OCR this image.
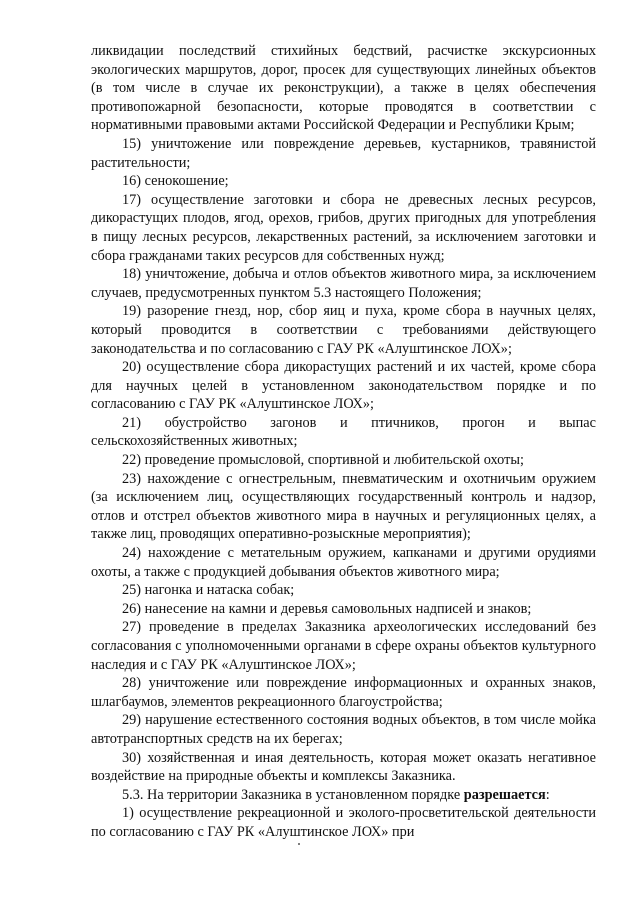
ликвидации последствий стихийных бедствий, расчистке экскурсионных экологических маршрутов, дорог, просек для существующих линейных объектов (в том числе в случае их реконструкции), а также в целях обеспечения противопожарной безопасности, которые проводятся в соответствии с нормативными правовыми актами Российской Федерации и Республики Крым;

15) уничтожение или повреждение деревьев, кустарников, травянистой растительности;

16) сенокошение;

17) осуществление заготовки и сбора не древесных лесных ресурсов, дикорастущих плодов, ягод, орехов, грибов, других пригодных для употребления в пищу лесных ресурсов, лекарственных растений, за исключением заготовки и сбора гражданами таких ресурсов для собственных нужд;

18) уничтожение, добыча и отлов объектов животного мира, за исключением случаев, предусмотренных пунктом 5.3 настоящего Положения;

19) разорение гнезд, нор, сбор яиц и пуха, кроме сбора в научных целях, который проводится в соответствии с требованиями действующего законодательства и по согласованию с ГАУ РК «Алуштинское ЛОХ»;

20) осуществление сбора дикорастущих растений и их частей, кроме сбора для научных целей в установленном законодательством порядке и по согласованию с ГАУ РК «Алуштинское ЛОХ»;

21) обустройство загонов и птичников, прогон и выпас сельскохозяйственных животных;

22) проведение промысловой, спортивной и любительской охоты;

23) нахождение с огнестрельным, пневматическим и охотничьим оружием (за исключением лиц, осуществляющих государственный контроль и надзор, отлов и отстрел объектов животного мира в научных и регуляционных целях, а также лиц, проводящих оперативно-розыскные мероприятия);

24) нахождение с метательным оружием, капканами и другими орудиями охоты, а также с продукцией добывания объектов животного мира;

25) нагонка и натаска собак;

26) нанесение на камни и деревья самовольных надписей и знаков;

27) проведение в пределах Заказника археологических исследований без согласования с уполномоченными органами в сфере охраны объектов культурного наследия и с ГАУ РК «Алуштинское ЛОХ»;

28) уничтожение или повреждение информационных и охранных знаков, шлагбаумов, элементов рекреационного благоустройства;

29) нарушение естественного состояния водных объектов, в том числе мойка автотранспортных средств на их берегах;

30) хозяйственная и иная деятельность, которая может оказать негативное воздействие на природные объекты и комплексы Заказника.

5.3. На территории Заказника в установленном порядке разрешается:

1) осуществление рекреационной и эколого-просветительской деятельности по согласованию с ГАУ РК «Алуштинское ЛОХ» при
